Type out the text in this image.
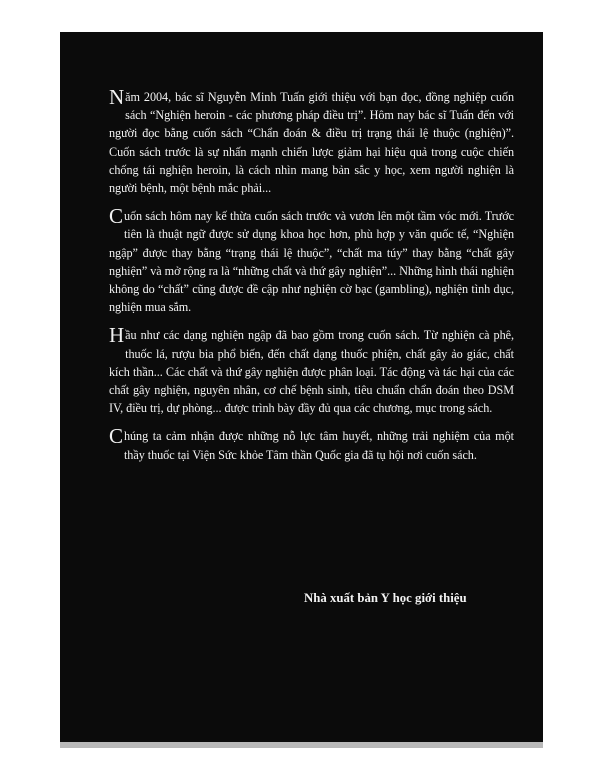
Năm 2004, bác sĩ Nguyễn Minh Tuấn giới thiệu với bạn đọc, đồng nghiệp cuốn sách “Nghiện heroin - các phương pháp điều trị”. Hôm nay bác sĩ Tuấn đến với người đọc bằng cuốn sách “Chẩn đoán & điều trị trạng thái lệ thuộc (nghiện)”. Cuốn sách trước là sự nhấn mạnh chiến lược giảm hại hiệu quả trong cuộc chiến chống tái nghiện heroin, là cách nhìn mang bản sắc y học, xem người nghiện là người bệnh, một bệnh mắc phải...

Cuốn sách hôm nay kế thừa cuốn sách trước và vươn lên một tầm vóc mới. Trước tiên là thuật ngữ được sử dụng khoa học hơn, phù hợp y văn quốc tế, “Nghiện ngập” được thay bằng “trạng thái lệ thuộc”, “chất ma túy” thay bằng “chất gây nghiện” và mở rộng ra là “những chất và thứ gây nghiện”... Những hình thái nghiện không do “chất” cũng được đề cập như nghiện cờ bạc (gambling), nghiện tình dục, nghiện mua sắm.

Hầu như các dạng nghiện ngập đã bao gồm trong cuốn sách. Từ nghiện cà phê, thuốc lá, rượu bia phổ biến, đến chất dạng thuốc phiện, chất gây ảo giác, chất kích thần... Các chất và thứ gây nghiện được phân loại. Tác động và tác hại của các chất gây nghiện, nguyên nhân, cơ chế bệnh sinh, tiêu chuẩn chẩn đoán theo DSM IV, điều trị, dự phòng... được trình bày đầy đủ qua các chương, mục trong sách.

Chúng ta cảm nhận được những nỗ lực tâm huyết, những trải nghiệm của một thầy thuốc tại Viện Sức khỏe Tâm thần Quốc gia đã tụ hội nơi cuốn sách.

Nhà xuất bản Y học giới thiệu
